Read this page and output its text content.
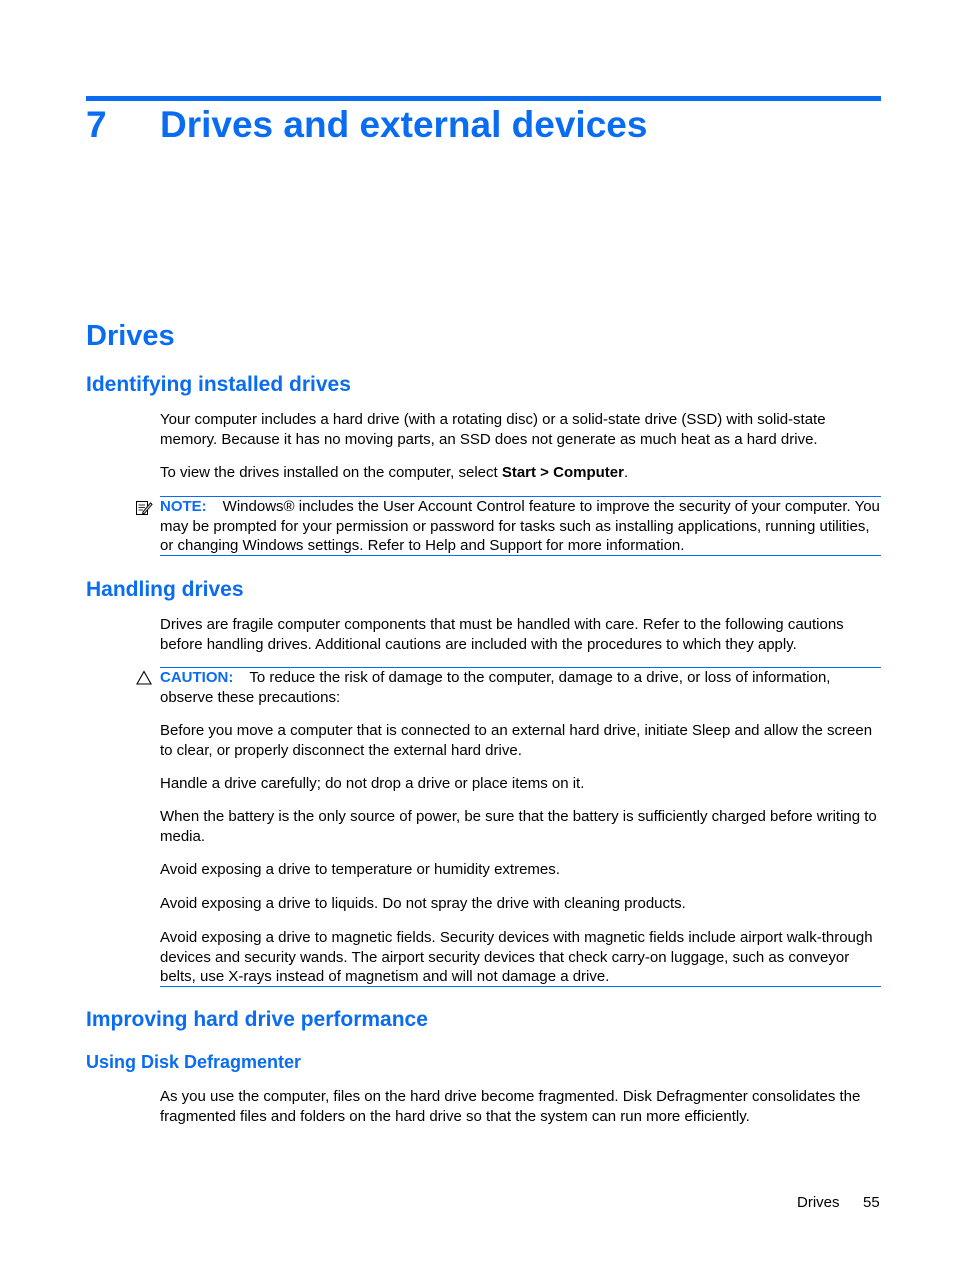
7 Drives and external devices
Drives
Identifying installed drives
Your computer includes a hard drive (with a rotating disc) or a solid-state drive (SSD) with solid-state memory. Because it has no moving parts, an SSD does not generate as much heat as a hard drive.
To view the drives installed on the computer, select Start > Computer.
NOTE: Windows® includes the User Account Control feature to improve the security of your computer. You may be prompted for your permission or password for tasks such as installing applications, running utilities, or changing Windows settings. Refer to Help and Support for more information.
Handling drives
Drives are fragile computer components that must be handled with care. Refer to the following cautions before handling drives. Additional cautions are included with the procedures to which they apply.
CAUTION: To reduce the risk of damage to the computer, damage to a drive, or loss of information, observe these precautions:
Before you move a computer that is connected to an external hard drive, initiate Sleep and allow the screen to clear, or properly disconnect the external hard drive.
Handle a drive carefully; do not drop a drive or place items on it.
When the battery is the only source of power, be sure that the battery is sufficiently charged before writing to media.
Avoid exposing a drive to temperature or humidity extremes.
Avoid exposing a drive to liquids. Do not spray the drive with cleaning products.
Avoid exposing a drive to magnetic fields. Security devices with magnetic fields include airport walk-through devices and security wands. The airport security devices that check carry-on luggage, such as conveyor belts, use X-rays instead of magnetism and will not damage a drive.
Improving hard drive performance
Using Disk Defragmenter
As you use the computer, files on the hard drive become fragmented. Disk Defragmenter consolidates the fragmented files and folders on the hard drive so that the system can run more efficiently.
Drives 55
